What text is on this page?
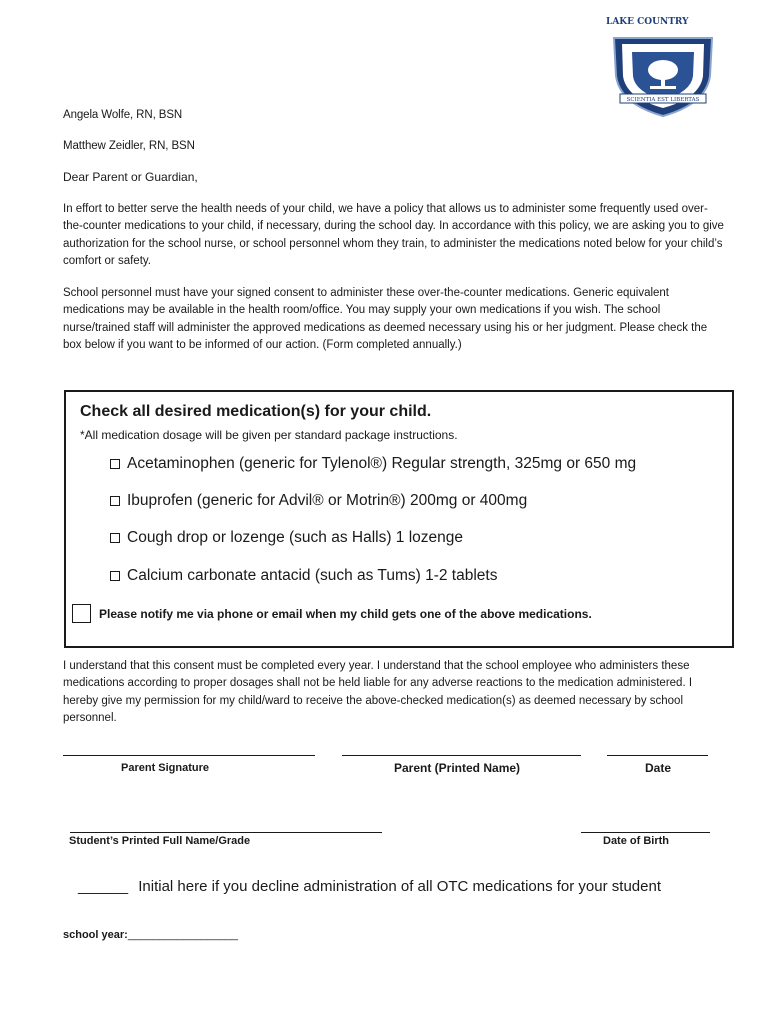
LAKE COUNTRY
SCIENTIA EST LIBERTAS
Angela Wolfe, RN, BSN
Matthew Zeidler, RN, BSN
Dear Parent or Guardian,
In effort to better serve the health needs of your child, we have a policy that allows us to administer some frequently used over-the-counter medications to your child, if necessary, during the school day. In accordance with this policy, we are asking you to give authorization for the school nurse, or school personnel whom they train, to administer the medications noted below for your child’s comfort or safety.
School personnel must have your signed consent to administer these over-the-counter medications. Generic equivalent medications may be available in the health room/office. You may supply your own medications if you wish. The school nurse/trained staff will administer the approved medications as deemed necessary using his or her judgment. Please check the box below if you want to be informed of our action. (Form completed annually.)
Check all desired medication(s) for your child.
*All medication dosage will be given per standard package instructions.
Acetaminophen (generic for Tylenol®) Regular strength, 325mg or 650 mg
Ibuprofen (generic for Advil® or Motrin®) 200mg or 400mg
Cough drop or lozenge (such as Halls) 1 lozenge
Calcium carbonate antacid (such as Tums) 1-2 tablets
Please notify me via phone or email when my child gets one of the above medications.
I understand that this consent must be completed every year. I understand that the school employee who administers these medications according to proper dosages shall not be held liable for any adverse reactions to the medication administered. I hereby give my permission for my child/ward to receive the above-checked medication(s) as deemed necessary by school personnel.
Parent Signature	Parent (Printed Name)	Date
Student’s Printed Full Name/Grade	Date of Birth
______ Initial here if you decline administration of all OTC medications for your student
school year:__________________
